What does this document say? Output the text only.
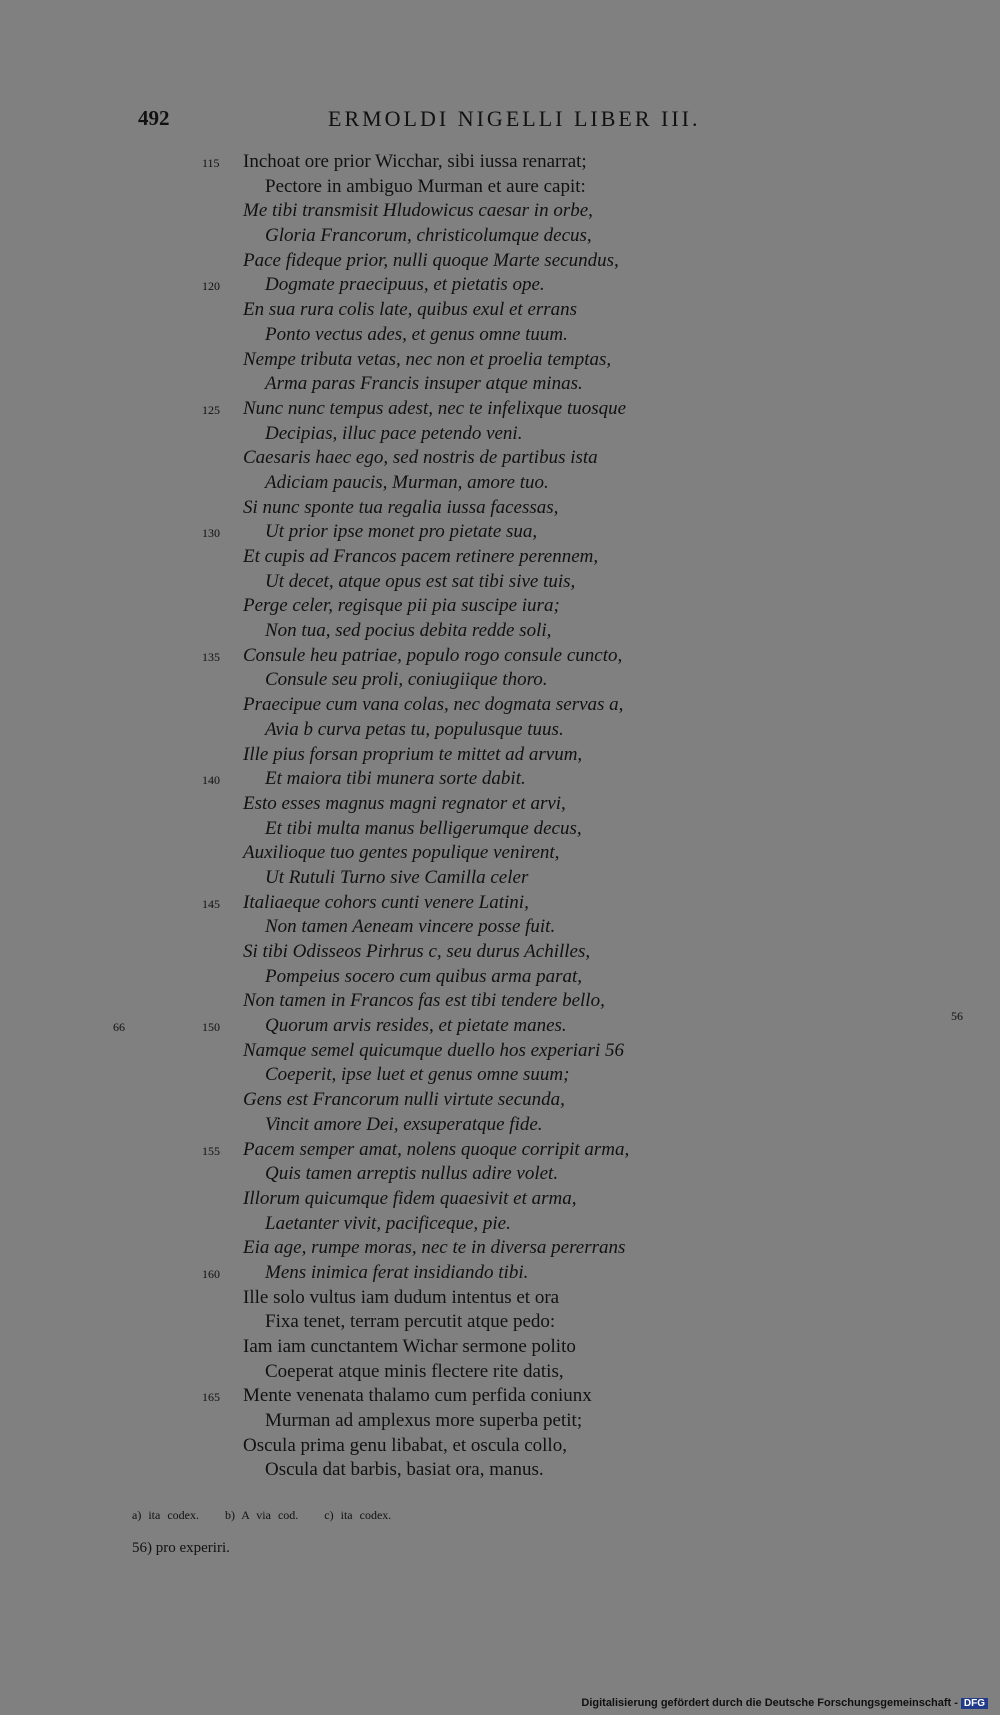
492	ERMOLDI NIGELLI LIBER III.
115 Inchoat ore prior Wicchar, sibi iussa renarrat;
Pectore in ambiguo Murman et aure capit:
Me tibi transmisit Hludowicus caesar in orbe,
Gloria Francorum, christicolumque decus,
Pace fideque prior, nulli quoque Marte secundus,
120 Dogmate praecipuus, et pietatis ope.
En sua rura colis late, quibus exul et errans
Ponto vectus ades, et genus omne tuum.
Nempe tributa vetas, nec non et proelia temptas,
Arma paras Francis insuper atque minas.
125 Nunc nunc tempus adest, nec te infelixque tuosque
Decipias, illuc pace petendo veni.
Caesaris haec ego, sed nostris de partibus ista
Adiciam paucis, Murman, amore tuo.
Si nunc sponte tua regalia iussa facessas,
130 Ut prior ipse monet pro pietate sua,
Et cupis ad Francos pacem retinere perennem,
Ut decet, atque opus est sat tibi sive tuis,
Perge celer, regisque pii pia suscipe iura;
Non tua, sed pocius debita redde soli,
135 Consule heu patriae, populo rogo consule cuncto,
Consule seu proli, coniugiique thoro.
Praecipue cum vana colas, nec dogmata servas a,
Avia b curva petas tu, populusque tuus.
Ille pius forsan proprium te mittet ad arvum,
140 Et maiora tibi munera sorte dabit.
Esto esses magnus magni regnator et arvi,
Et tibi multa manus belligerumque decus,
Auxilioque tuo gentes populique venirent,
Ut Rutuli Turno sive Camilla celer
145 Italiaeque cohors cunti venere Latini,
Non tamen Aeneam vincere posse fuit.
Si tibi Odisseos Pirhrus c, seu durus Achilles,
Pompeius socero cum quibus arma parat,
Non tamen in Francos fas est tibi tendere bello,
150
66
56
Quorum arvis resides, et pietate manes.
Namque semel quicumque duello hos experiari 56
Coeperit, ipse luet et genus omne suum;
Gens est Francorum nulli virtute secunda,
Vincit amore Dei, exsuperatque fide.
155 Pacem semper amat, nolens quoque corripit arma,
Quis tamen arreptis nullus adire volet.
Illorum quicumque fidem quaesivit et arma,
Laetanter vivit, pacificeque, pie.
Eia age, rumpe moras, nec te in diversa pererrans
160 Mens inimica ferat insidiando tibi.
Ille solo vultus iam dudum intentus et ora
Fixa tenet, terram percutit atque pedo:
Iam iam cunctantem Wichar sermone polito
Coeperat atque minis flectere rite datis,
165 Mente venenata thalamo cum perfida coniunx
Murman ad amplexus more superba petit;
Oscula prima genu libabat, et oscula collo,
Oscula dat barbis, basiat ora, manus.
a) ita codex. b) A via cod. c) ita codex.
56) pro experiri.
Digitalisierung gefördert durch die Deutsche Forschungsgemeinschaft - DFG
